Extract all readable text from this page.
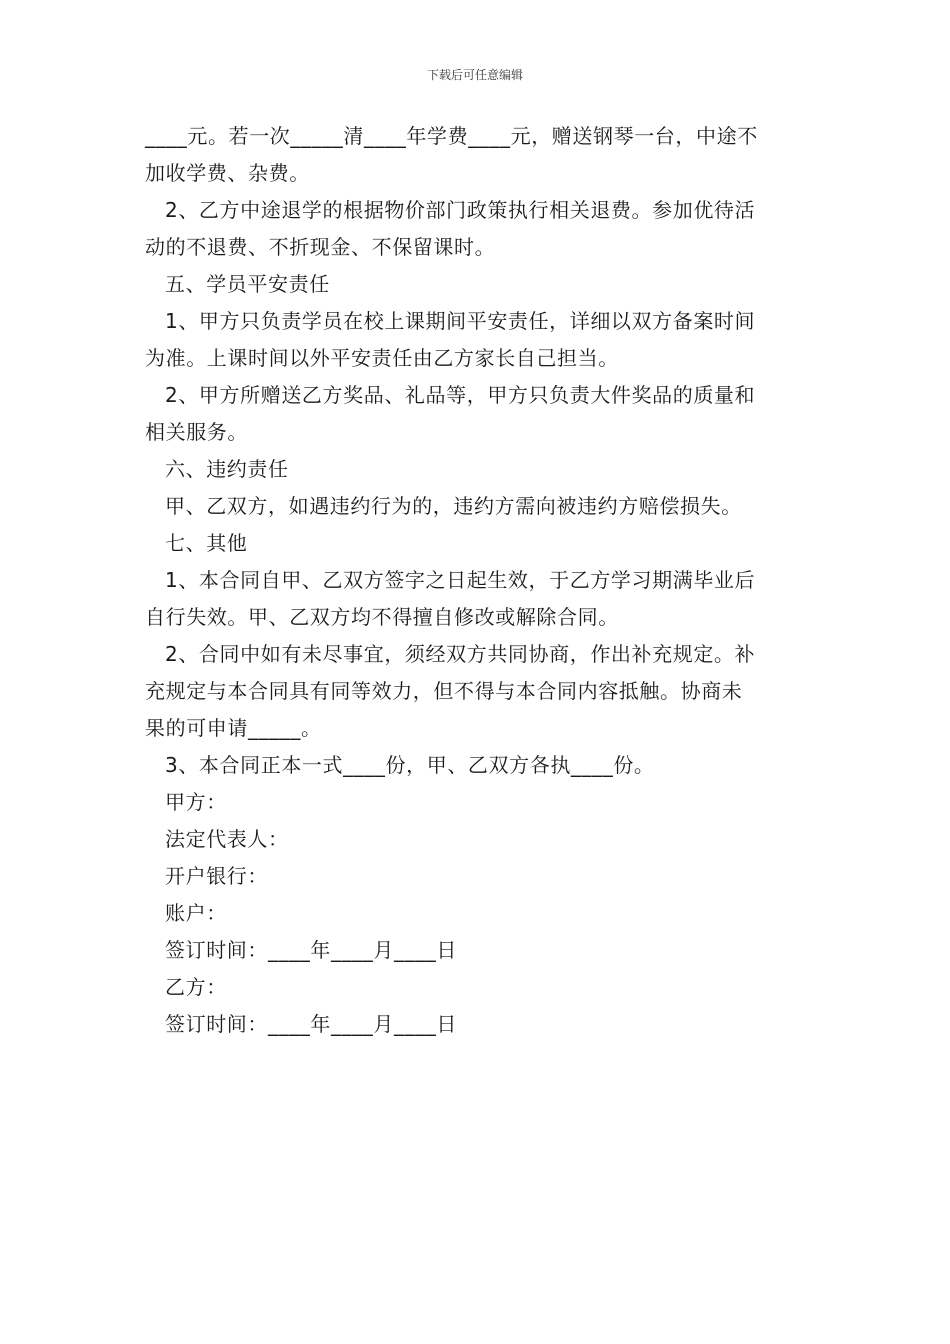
下载后可任意编辑
____元。若一次_____清____年学费____元，赠送钢琴一台，中途不
加收学费、杂费。
2、乙方中途退学的根据物价部门政策执行相关退费。参加优待活
动的不退费、不折现金、不保留课时。
五、学员平安责任
1、甲方只负责学员在校上课期间平安责任，详细以双方备案时间
为准。上课时间以外平安责任由乙方家长自己担当。
2、甲方所赠送乙方奖品、礼品等，甲方只负责大件奖品的质量和
相关服务。
六、违约责任
甲、乙双方，如遇违约行为的，违约方需向被违约方赔偿损失。
七、其他
1、本合同自甲、乙双方签字之日起生效，于乙方学习期满毕业后
自行失效。甲、乙双方均不得擅自修改或解除合同。
2、合同中如有未尽事宜，须经双方共同协商，作出补充规定。补
充规定与本合同具有同等效力，但不得与本合同内容抵触。协商未
果的可申请_____。
3、本合同正本一式____份，甲、乙双方各执____份。
甲方：
法定代表人：
开户银行：
账户：
签订时间：____年____月____日
乙方：
签订时间：____年____月____日
